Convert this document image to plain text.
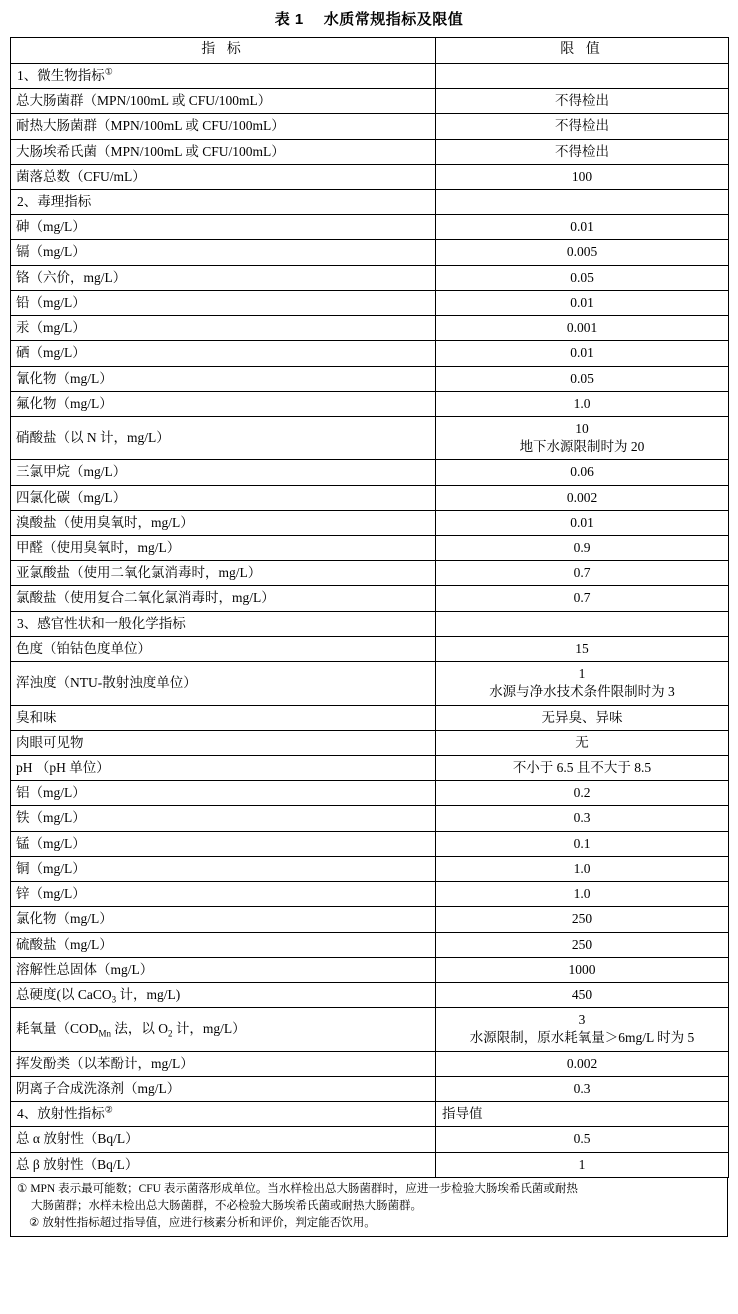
表 1 水质常规指标及限值
指 标	限 值
1、微生物指标①	
总大肠菌群（MPN/100mL 或 CFU/100mL）	不得检出
耐热大肠菌群（MPN/100mL 或 CFU/100mL）	不得检出
大肠埃希氏菌（MPN/100mL 或 CFU/100mL）	不得检出
菌落总数（CFU/mL）	100
2、毒理指标	
砷（mg/L）	0.01
镉（mg/L）	0.005
铬（六价，mg/L）	0.05
铅（mg/L）	0.01
汞（mg/L）	0.001
硒（mg/L）	0.01
氰化物（mg/L）	0.05
氟化物（mg/L）	1.0
硝酸盐（以 N 计，mg/L）	10
地下水源限制时为 20

三氯甲烷（mg/L）	0.06
四氯化碳（mg/L）	0.002
溴酸盐（使用臭氧时，mg/L）	0.01
甲醛（使用臭氧时，mg/L）	0.9
亚氯酸盐（使用二氧化氯消毒时，mg/L）	0.7
氯酸盐（使用复合二氧化氯消毒时，mg/L）	0.7
3、感官性状和一般化学指标	
色度（铂钴色度单位）	15
浑浊度（NTU-散射浊度单位）	1
水源与净水技术条件限制时为 3

臭和味	无异臭、异味
肉眼可见物	无
pH （pH 单位）	不小于 6.5 且不大于 8.5
铝（mg/L）	0.2
铁（mg/L）	0.3
锰（mg/L）	0.1
铜（mg/L）	1.0
锌（mg/L）	1.0
氯化物（mg/L）	250
硫酸盐（mg/L）	250
溶解性总固体（mg/L）	1000
总硬度(以 CaCO$_3$ 计，mg/L)	450
耗氧量（$COD_{Mn}$ 法，以 $O_2$ 计，mg/L）	3
水源限制，原水耗氧量＞6mg/L 时为 5

挥发酚类（以苯酚计，mg/L）	0.002
阴离子合成洗涤剂（mg/L）	0.3
4、放射性指标②	指导值
总 α 放射性（Bq/L）	0.5
总 β 放射性（Bq/L）	1
① MPN 表示最可能数；CFU 表示菌落形成单位。当水样检出总大肠菌群时，应进一步检验大肠埃希氏菌或耐热
大肠菌群；水样未检出总大肠菌群，不必检验大肠埃希氏菌或耐热大肠菌群。
② 放射性指标超过指导值，应进行核素分析和评价，判定能否饮用。
